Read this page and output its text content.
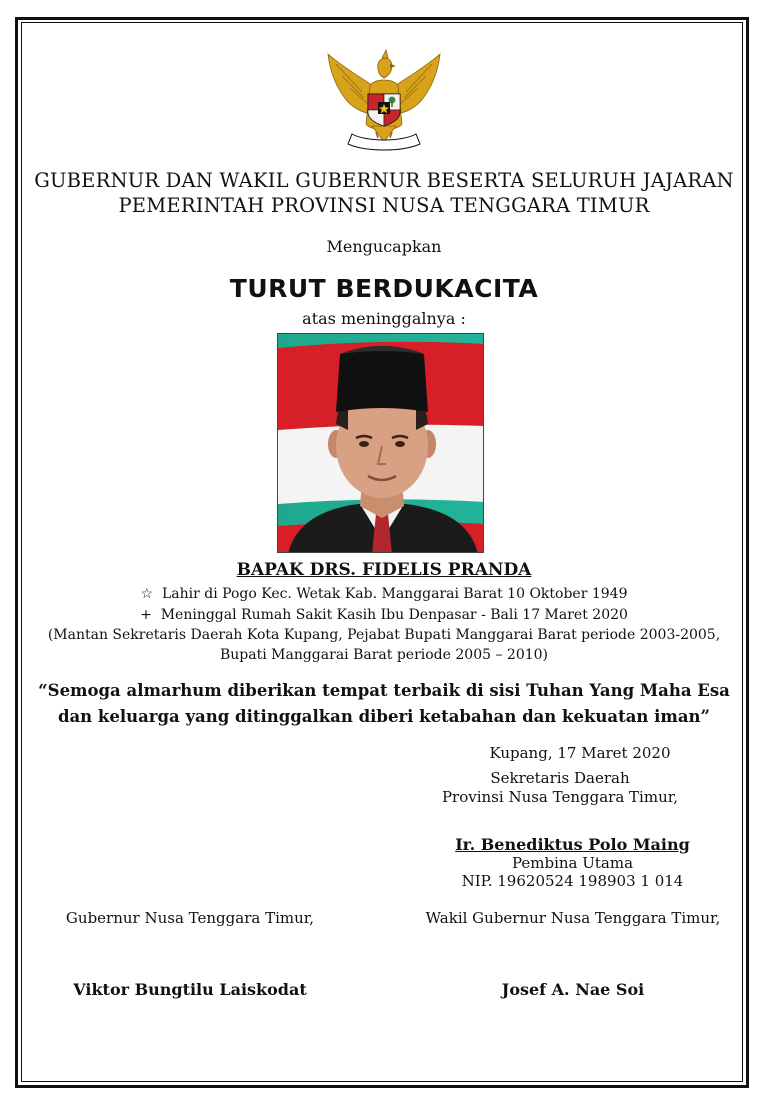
GUBERNUR DAN WAKIL GUBERNUR BESERTA SELURUH JAJARAN
PEMERINTAH PROVINSI NUSA TENGGARA TIMUR
Mengucapkan
TURUT BERDUKACITA
atas meninggalnya :
BAPAK DRS. FIDELIS PRANDA
☆ Lahir di Pogo Kec. Wetak Kab. Manggarai Barat 10 Oktober 1949
+ Meninggal Rumah Sakit Kasih Ibu Denpasar - Bali 17 Maret 2020
(Mantan Sekretaris Daerah Kota Kupang, Pejabat Bupati Manggarai Barat periode 2003-2005,
Bupati Manggarai Barat periode 2005 – 2010)
“Semoga almarhum diberikan tempat terbaik di sisi Tuhan Yang Maha Esa
dan keluarga yang ditinggalkan diberi ketabahan dan kekuatan iman”
Kupang, 17 Maret 2020
Sekretaris Daerah
Provinsi Nusa Tenggara Timur,
Ir. Benediktus Polo Maing
Pembina Utama
NIP. 19620524 198903 1 014
Gubernur Nusa Tenggara Timur,	Wakil Gubernur Nusa Tenggara Timur,
Viktor Bungtilu Laiskodat	Josef A. Nae Soi
